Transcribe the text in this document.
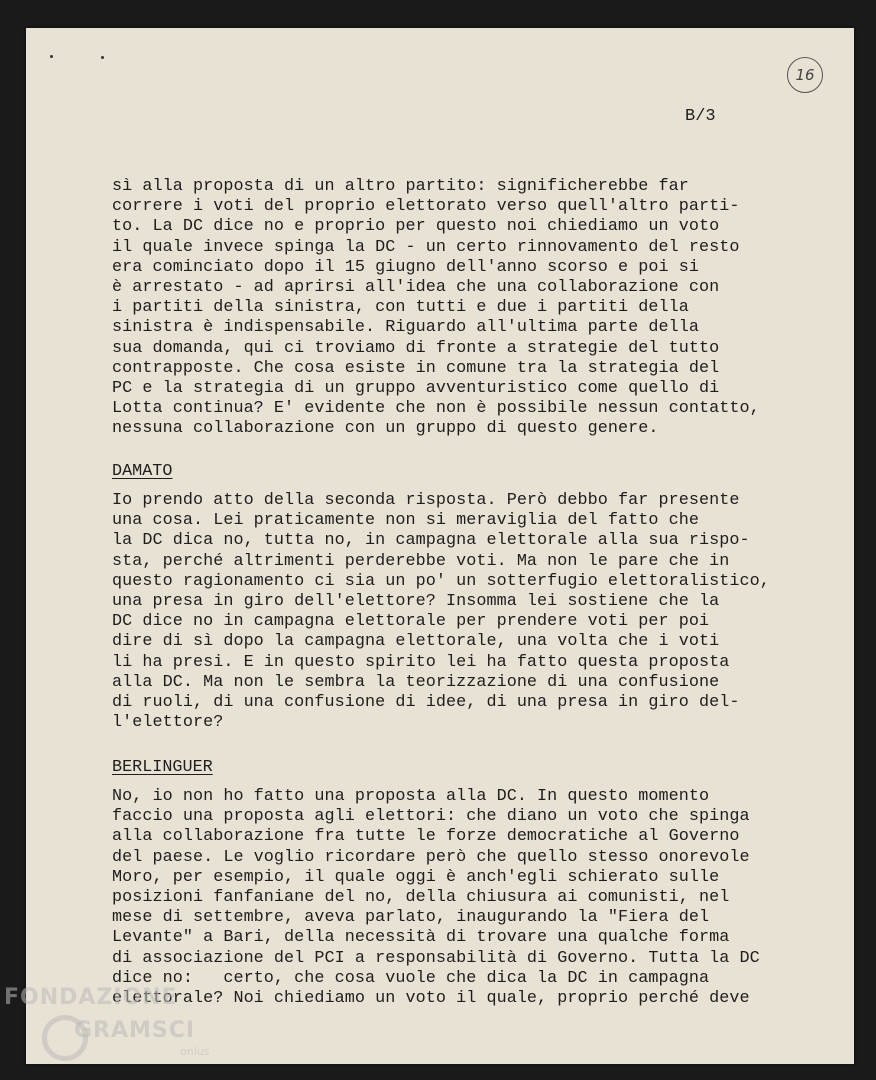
16
B/3
sì alla proposta di un altro partito: significherebbe far
correre i voti del proprio elettorato verso quell'altro parti-
to. La DC dice no e proprio per questo noi chiediamo un voto
il quale invece spinga la DC - un certo rinnovamento del resto
era cominciato dopo il 15 giugno dell'anno scorso e poi si
è arrestato - ad aprirsi all'idea che una collaborazione con
i partiti della sinistra, con tutti e due i partiti della
sinistra è indispensabile. Riguardo all'ultima parte della
sua domanda, qui ci troviamo di fronte a strategie del tutto
contrapposte. Che cosa esiste in comune tra la strategia del
PC e la strategia di un gruppo avventuristico come quello di
Lotta continua? E' evidente che non è possibile nessun contatto,
nessuna collaborazione con un gruppo di questo genere.
DAMATO
Io prendo atto della seconda risposta. Però debbo far presente
una cosa. Lei praticamente non si meraviglia del fatto che
la DC dica no, tutta no, in campagna elettorale alla sua rispo-
sta, perché altrimenti perderebbe voti. Ma non le pare che in
questo ragionamento ci sia un po' un sotterfugio elettoralistico,
una presa in giro dell'elettore? Insomma lei sostiene che la
DC dice no in campagna elettorale per prendere voti per poi
dire di sì dopo la campagna elettorale, una volta che i voti
li ha presi. E in questo spirito lei ha fatto questa proposta
alla DC. Ma non le sembra la teorizzazione di una confusione
di ruoli, di una confusione di idee, di una presa in giro del-
l'elettore?
BERLINGUER
No, io non ho fatto una proposta alla DC. In questo momento
faccio una proposta agli elettori: che diano un voto che spinga
alla collaborazione fra tutte le forze democratiche al Governo
del paese. Le voglio ricordare però che quello stesso onorevole
Moro, per esempio, il quale oggi è anch'egli schierato sulle
posizioni fanfaniane del no, della chiusura ai comunisti, nel
mese di settembre, aveva parlato, inaugurando la "Fiera del
Levante" a Bari, della necessità di trovare una qualche forma
di associazione del PCI a responsabilità di Governo. Tutta la DC
dice no:   certo, che cosa vuole che dica la DC in campagna
elettorale? Noi chiediamo un voto il quale, proprio perché deve
FONDAZIONE
GRAMSCI
onlus
